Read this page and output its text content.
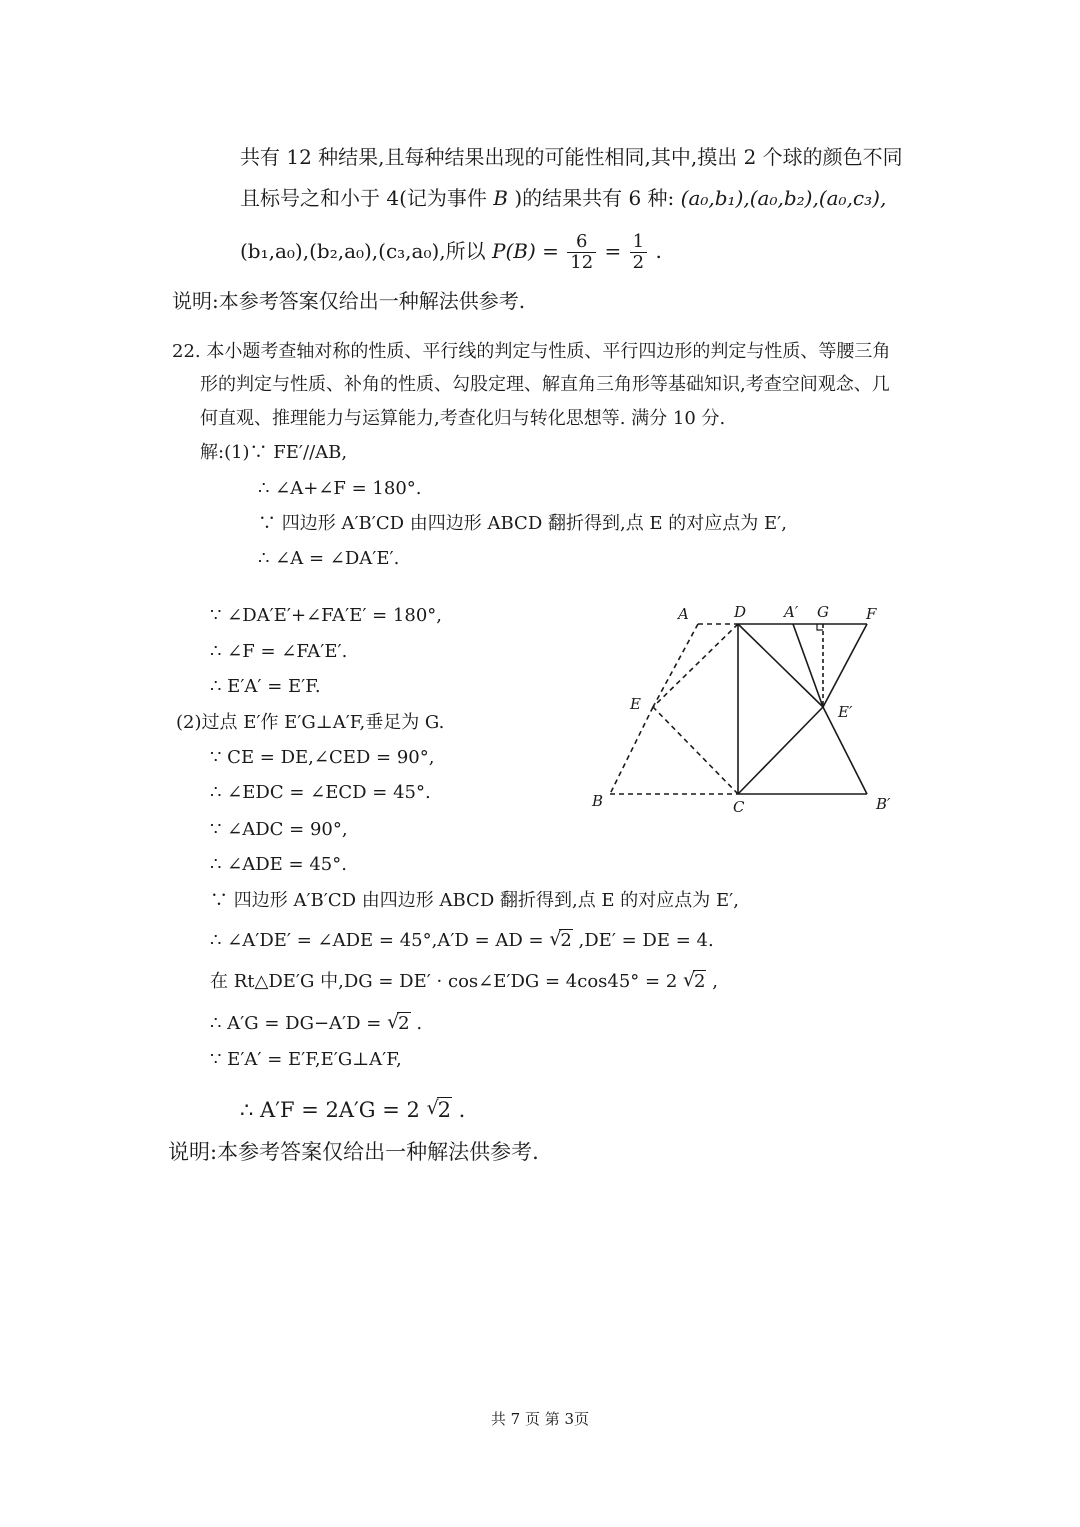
共有 12 种结果,且每种结果出现的可能性相同,其中,摸出 2 个球的颜色不同
且标号之和小于 4(记为事件 B )的结果共有 6 种: (a₀,b₁),(a₀,b₂),(a₀,c₃),
(b₁,a₀),(b₂,a₀),(c₃,a₀),所以 $P(B) = \frac{6}{12} = \frac{1}{2}$ .
说明:本参考答案仅给出一种解法供参考.
22. 本小题考查轴对称的性质、平行线的判定与性质、平行四边形的判定与性质、等腰三角
形的判定与性质、补角的性质、勾股定理、解直角三角形等基础知识,考查空间观念、几
何直观、推理能力与运算能力,考查化归与转化思想等. 满分 10 分.
解:(1)∵ FE′//AB,
∴ ∠A+∠F = 180°.
∵ 四边形 A′B′CD 由四边形 ABCD 翻折得到,点 E 的对应点为 E′,
∴ ∠A = ∠DA′E′.
∵ ∠DA′E′+∠FA′E′ = 180°,
∴ ∠F = ∠FA′E′.
∴ E′A′ = E′F.
(2)过点 E′作 E′G⊥A′F,垂足为 G.
∵ CE = DE,∠CED = 90°,
∴ ∠EDC = ∠ECD = 45°.
∵ ∠ADC = 90°,
∴ ∠ADE = 45°.
∵ 四边形 A′B′CD 由四边形 ABCD 翻折得到,点 E 的对应点为 E′,
∴ ∠A′DE′ = ∠ADE = 45°,A′D = AD = √
2 ,DE′ = DE = 4.
在 Rt△DE′G 中,DG = DE′ · cos∠E′DG = 4cos45° = 2 √
2 ,
∴ A′G = DG−A′D = √
2 .
∵ E′A′ = E′F,E′G⊥A′F,
∴ A′F = 2A′G = 2 √
2 .
说明:本参考答案仅给出一种解法供参考.
A	D	A′ G F
E	E′
B	C	B′
共 7 页 第 3页
